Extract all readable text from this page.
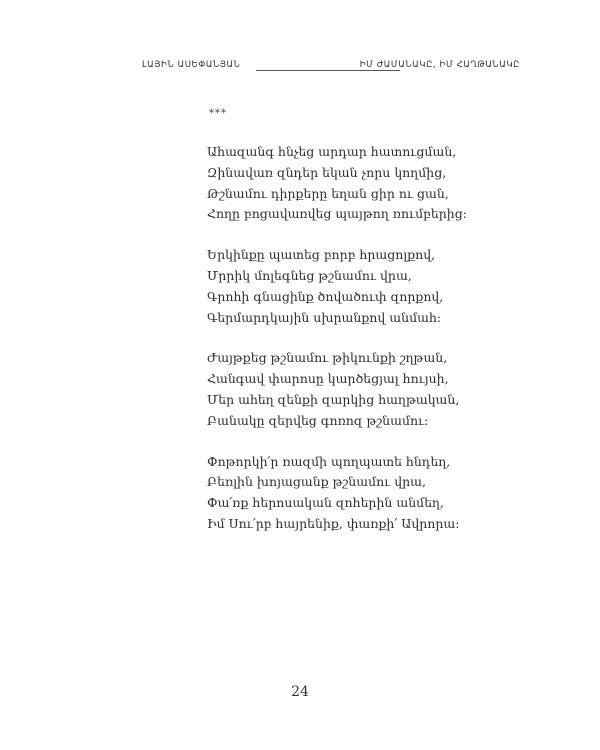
ԼԱՅԻՆ ԱՍԵՓԱՆՅԱՆ	ԻՄ ԺԱՄԱՆԱԿԸ, ԻՄ ՀԱՂԹԱՆԱԿԸ
***
Ահազանգ հնչեց արդար հատուցման,
Զինավառ զնդեր եկան չորս կողմից,
Թշնամու դիրքերը եղան ցիր ու ցան,
Հողը բոցավառվեց պայթող ռումբերից:
Երկինքը պատեց բորբ հրացոլքով,
Մրրիկ մոլեգնեց թշնամու վրա,
Գրոհի գնացինք ծովածուփ զորքով,
Գերմարդկային սխրանքով անմահ:
Ժայթքեց թշնամու թիկունքի շղթան,
Հանգավ փարոսը կարծեցյալ հույսի,
Մեր ահեղ զենքի զարկից հաղթական,
Բանակը զերվեց գոռոզ թշնամու:
Փոթորկի՛ր ռազմի պողպատե հնդեղ,
Բեռլին խոյացանք թշնամու վրա,
Փա՛ռք հերոսական զոհերին անմեղ,
Իմ Սու՛րբ հայրենիք, փառքի՛ Ավրորա:
24
